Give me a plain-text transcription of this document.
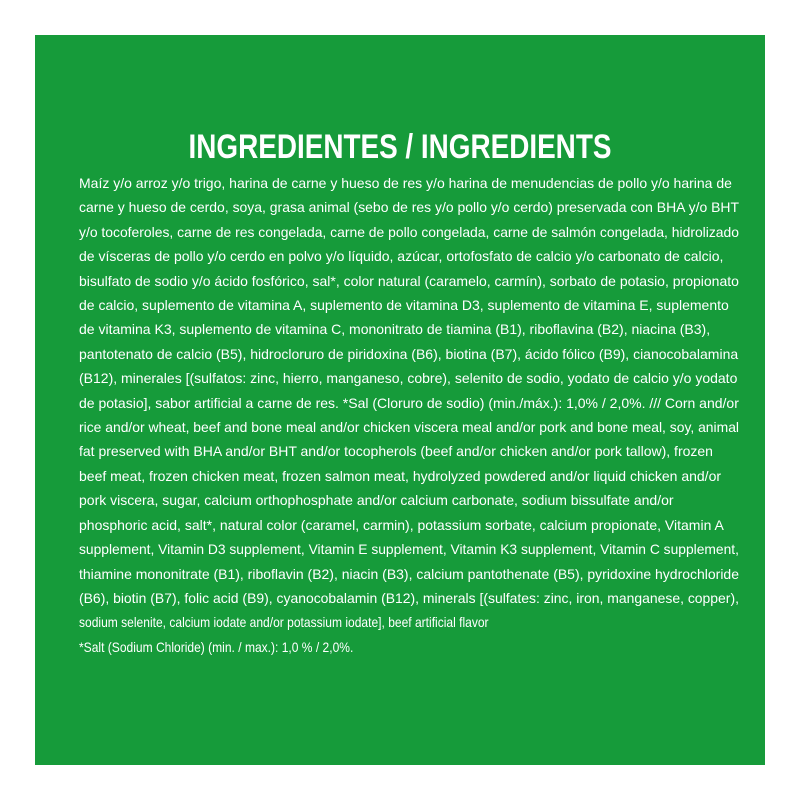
INGREDIENTES / INGREDIENTS
Maíz y/o arroz y/o trigo, harina de carne y hueso de res y/o harina de menudencias de pollo y/o harina de
carne y hueso de cerdo, soya, grasa animal (sebo de res y/o pollo y/o cerdo) preservada con BHA y/o BHT
y/o tocoferoles, carne de res congelada, carne de pollo congelada, carne de salmón congelada, hidrolizado
de vísceras de pollo y/o cerdo en polvo y/o líquido, azúcar, ortofosfato de calcio y/o carbonato de calcio,
bisulfato de sodio y/o ácido fosfórico, sal*, color natural (caramelo, carmín), sorbato de potasio, propionato
de calcio, suplemento de vitamina A, suplemento de vitamina D3, suplemento de vitamina E, suplemento
de vitamina K3, suplemento de vitamina C, mononitrato de tiamina (B1), riboflavina (B2), niacina (B3),
pantotenato de calcio (B5), hidrocloruro de piridoxina (B6), biotina (B7), ácido fólico (B9), cianocobalamina
(B12), minerales [(sulfatos: zinc, hierro, manganeso, cobre), selenito de sodio, yodato de calcio y/o yodato
de potasio], sabor artificial a carne de res. *Sal (Cloruro de sodio) (min./máx.): 1,0% / 2,0%. /// Corn and/or
rice and/or wheat, beef and bone meal and/or chicken viscera meal and/or pork and bone meal, soy, animal
fat preserved with BHA and/or BHT and/or tocopherols (beef and/or chicken and/or pork tallow), frozen
beef meat, frozen chicken meat, frozen salmon meat, hydrolyzed powdered and/or liquid chicken and/or
pork viscera, sugar, calcium orthophosphate and/or calcium carbonate, sodium bissulfate and/or
phosphoric acid, salt*, natural color (caramel, carmin), potassium sorbate, calcium propionate, Vitamin A
supplement, Vitamin D3 supplement, Vitamin E supplement, Vitamin K3 supplement, Vitamin C supplement,
thiamine mononitrate (B1), riboflavin (B2), niacin (B3), calcium pantothenate (B5), pyridoxine hydrochloride
(B6), biotin (B7), folic acid (B9), cyanocobalamin (B12), minerals [(sulfates: zinc, iron, manganese, copper),
sodium selenite, calcium iodate and/or potassium iodate], beef artificial flavor
*Salt (Sodium Chloride) (min. / max.): 1,0 % / 2,0%.
